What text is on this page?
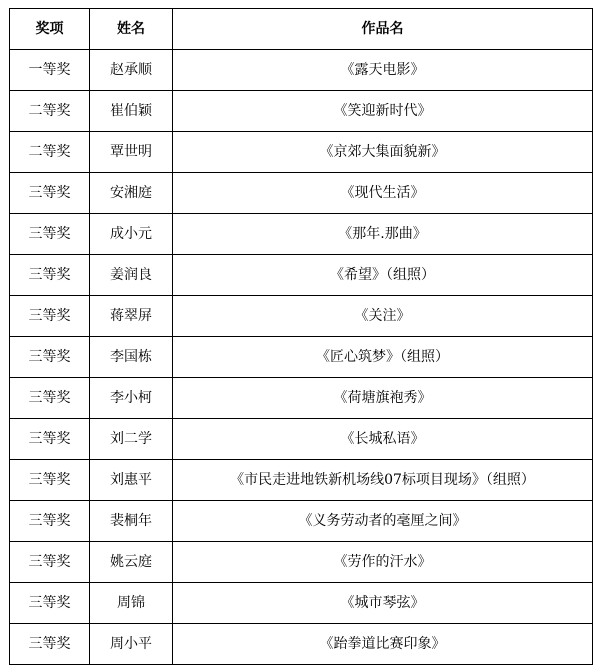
奖项	姓名	作品名
一等奖	赵承顺	《露天电影》
二等奖	崔伯颖	《笑迎新时代》
二等奖	覃世明	《京郊大集面貌新》
三等奖	安湘庭	《现代生活》
三等奖	成小元	《那年.那曲》
三等奖	姜润良	《希望》（组照）
三等奖	蒋翠屏	《关注》
三等奖	李国栋	《匠心筑梦》（组照）
三等奖	李小柯	《荷塘旗袍秀》
三等奖	刘二学	《长城私语》
三等奖	刘惠平	《市民走进地铁新机场线07标项目现场》（组照）
三等奖	裴桐年	《义务劳动者的毫厘之间》
三等奖	姚云庭	《劳作的汗水》
三等奖	周锦	《城市琴弦》
三等奖	周小平	《跆拳道比赛印象》
